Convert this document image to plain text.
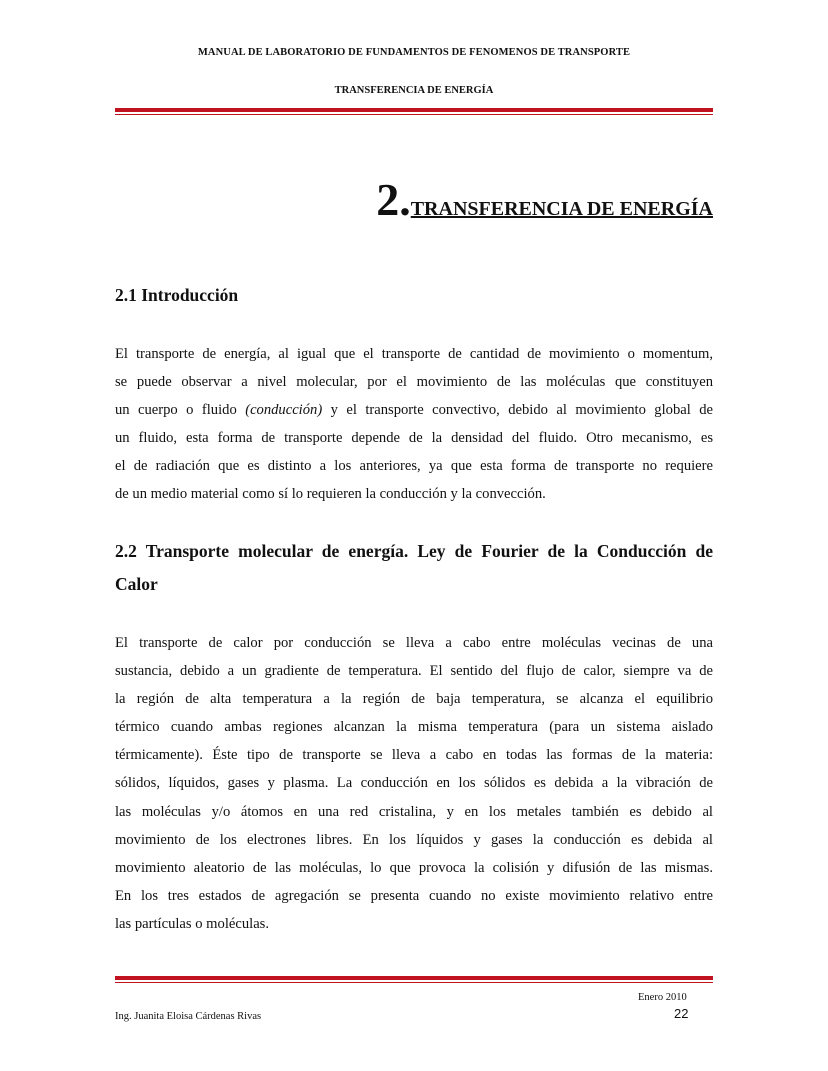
MANUAL DE LABORATORIO DE FUNDAMENTOS DE FENOMENOS DE TRANSPORTE
TRANSFERENCIA DE ENERGÍA
2.TRANSFERENCIA DE ENERGÍA
2.1 Introducción
El transporte de energía, al igual que el transporte de cantidad de movimiento o momentum,
se puede observar a nivel molecular, por el movimiento de las moléculas que constituyen
un cuerpo o fluido (conducción) y el transporte convectivo, debido al movimiento global de
un fluido, esta forma de transporte depende de la densidad del fluido. Otro mecanismo, es
el de radiación que es distinto a los anteriores, ya que esta forma de transporte no requiere
de un medio material como sí lo requieren la conducción y la convección.
2.2 Transporte molecular de energía. Ley de Fourier de la Conducción de
Calor
El transporte de calor por conducción se lleva a cabo entre moléculas vecinas de una
sustancia, debido a un gradiente de temperatura. El sentido del flujo de calor, siempre va de
la región de alta temperatura a la región de baja temperatura, se alcanza el equilibrio
térmico cuando ambas regiones alcanzan la misma temperatura (para un sistema aislado
térmicamente). Éste tipo de transporte se lleva a cabo en todas las formas de la materia:
sólidos, líquidos, gases y plasma. La conducción en los sólidos es debida a la vibración de
las moléculas y/o átomos en una red cristalina, y en los metales también es debido al
movimiento de los electrones libres. En los líquidos y gases la conducción es debida al
movimiento aleatorio de las moléculas, lo que provoca la colisión y difusión de las mismas.
En los tres estados de agregación se presenta cuando no existe movimiento relativo entre
las partículas o moléculas.
Enero 2010
Ing. Juanita Eloisa Cárdenas Rivas	22
